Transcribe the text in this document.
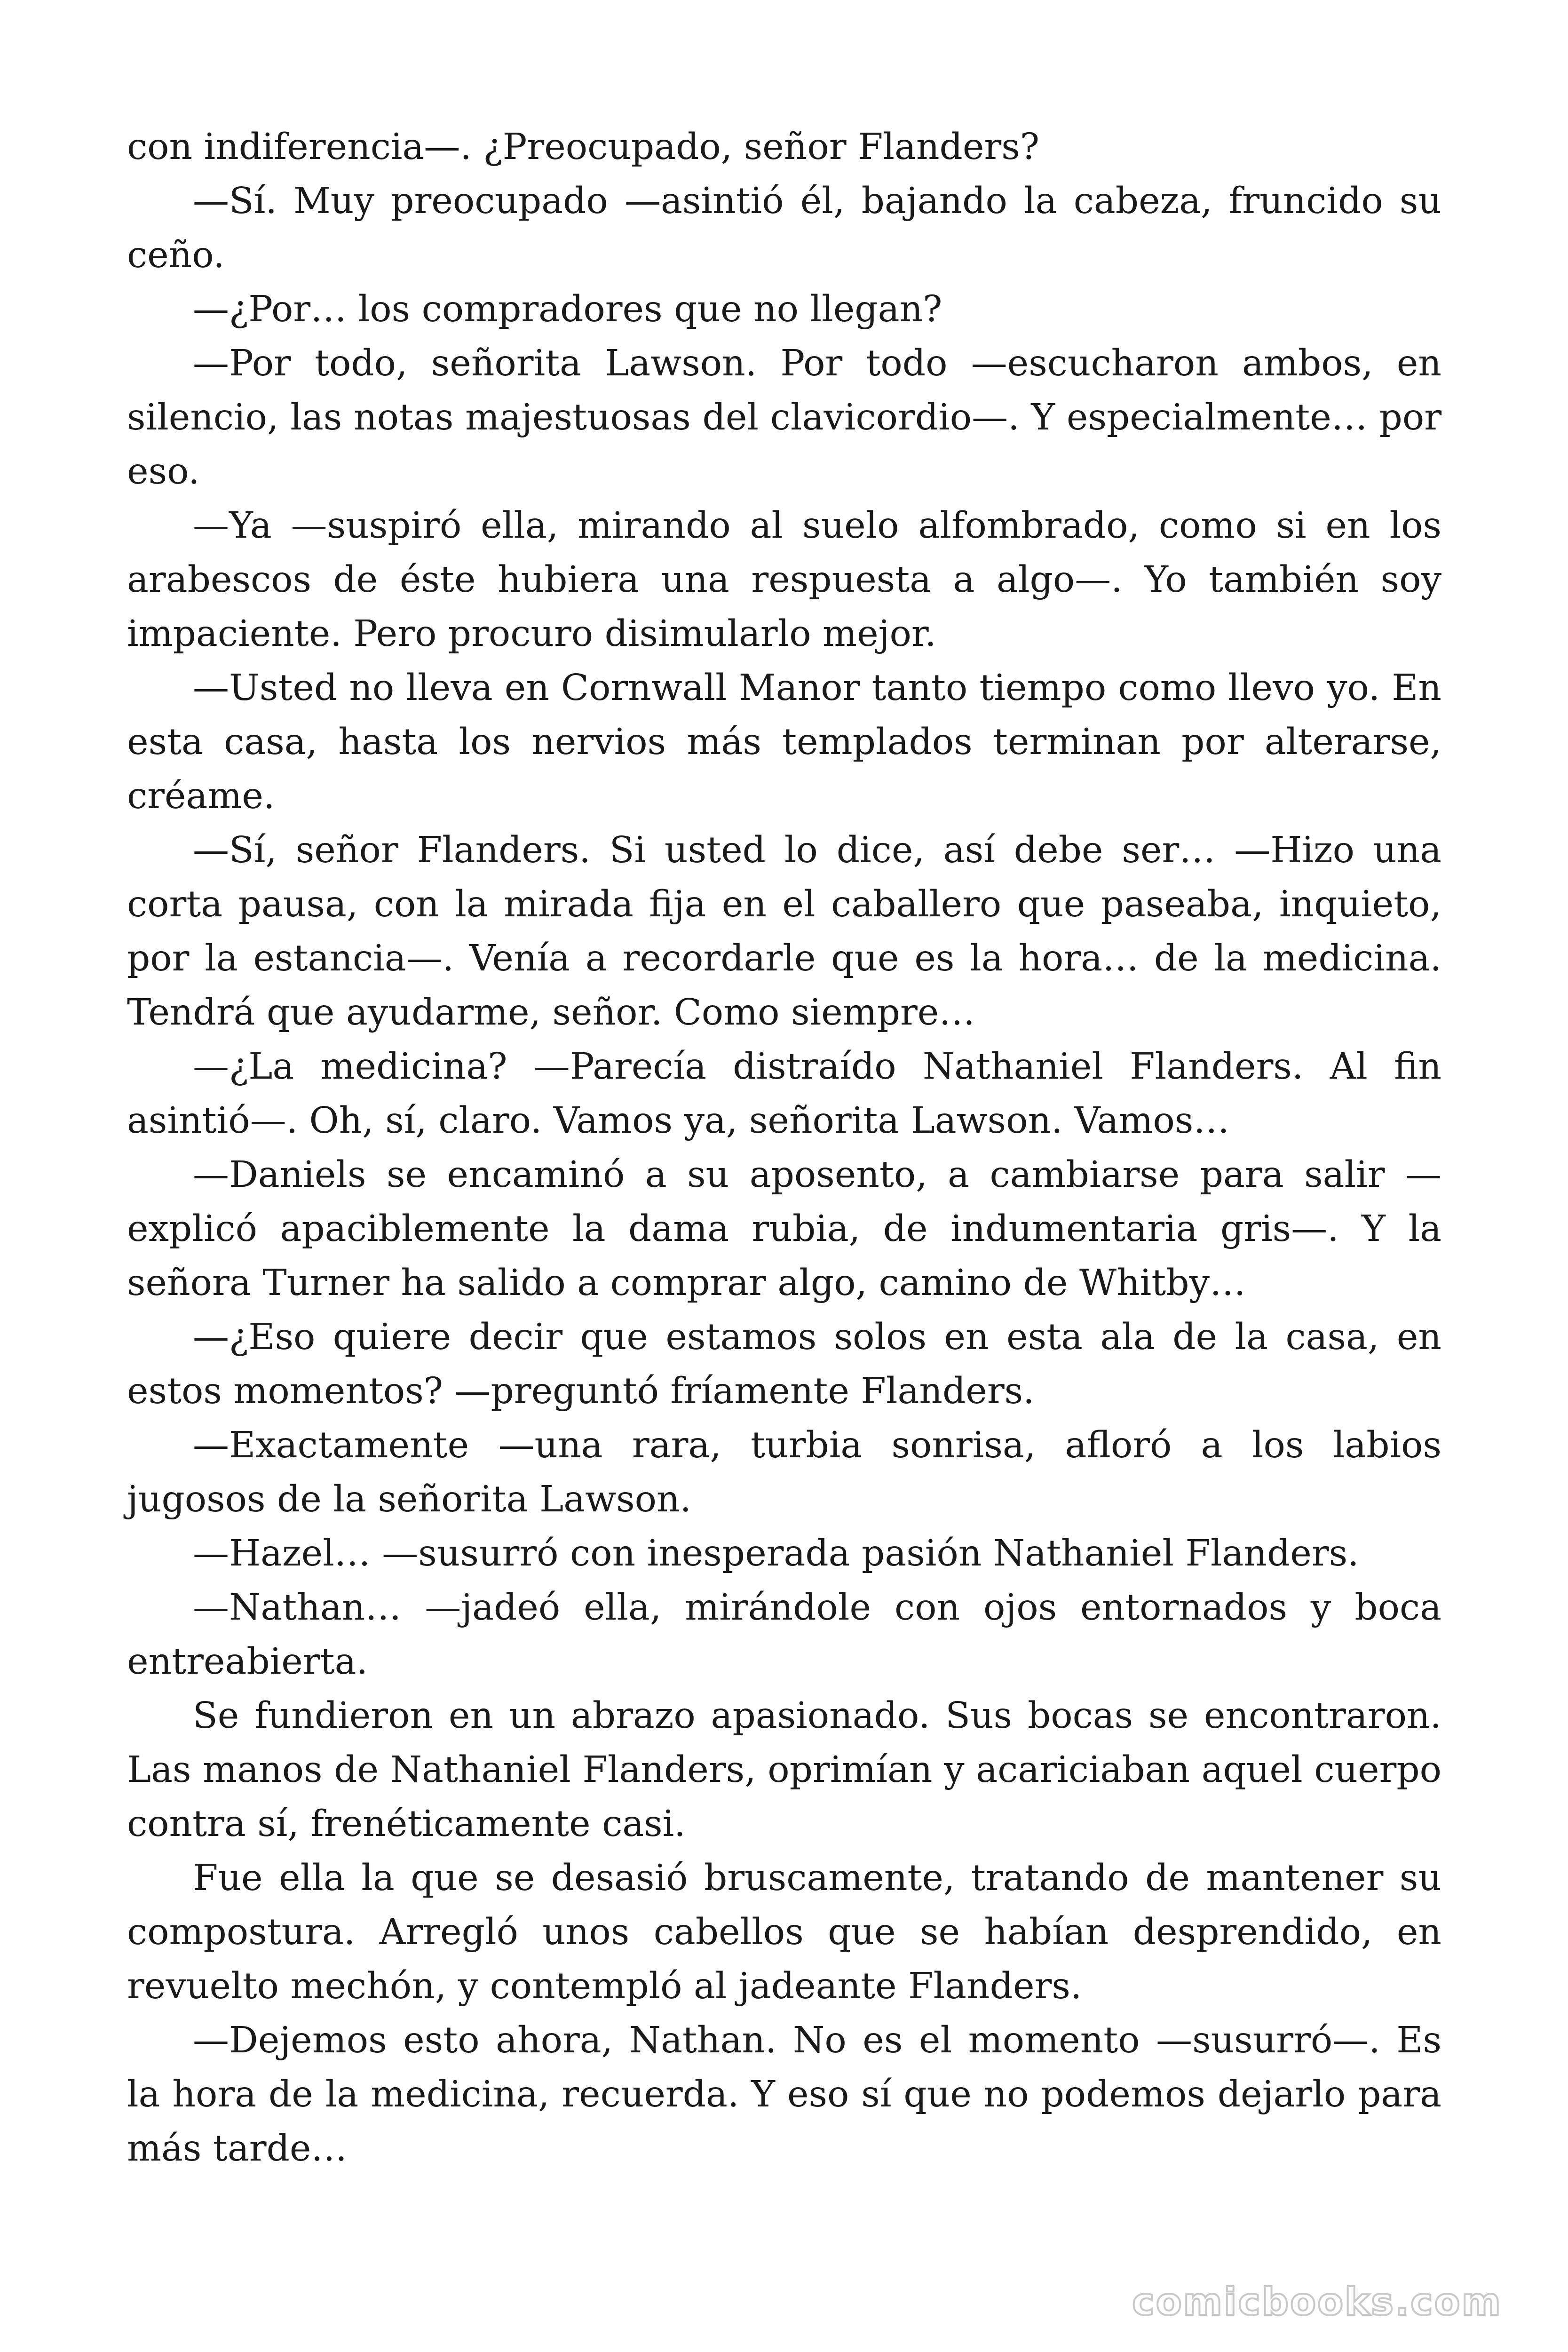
con indiferencia—. ¿Preocupado, señor Flanders?

—Sí. Muy preocupado —asintió él, bajando la cabeza, fruncido su ceño.

—¿Por… los compradores que no llegan?

—Por todo, señorita Lawson. Por todo —escucharon ambos, en silencio, las notas majestuosas del clavicordio—. Y especialmente… por eso.

—Ya —suspiró ella, mirando al suelo alfombrado, como si en los arabescos de éste hubiera una respuesta a algo—. Yo también soy impaciente. Pero procuro disimularlo mejor.

—Usted no lleva en Cornwall Manor tanto tiempo como llevo yo. En esta casa, hasta los nervios más templados terminan por alterarse, créame.

—Sí, señor Flanders. Si usted lo dice, así debe ser… —Hizo una corta pausa, con la mirada fija en el caballero que paseaba, inquieto, por la estancia—. Venía a recordarle que es la hora… de la medicina. Tendrá que ayudarme, señor. Como siempre…

—¿La medicina? —Parecía distraído Nathaniel Flanders. Al fin asintió—. Oh, sí, claro. Vamos ya, señorita Lawson. Vamos…

—Daniels se encaminó a su aposento, a cambiarse para salir —explicó apaciblemente la dama rubia, de indumentaria gris—. Y la señora Turner ha salido a comprar algo, camino de Whitby…

—¿Eso quiere decir que estamos solos en esta ala de la casa, en estos momentos? —preguntó fríamente Flanders.

—Exactamente —una rara, turbia sonrisa, afloró a los labios jugosos de la señorita Lawson.

—Hazel… —susurró con inesperada pasión Nathaniel Flanders.

—Nathan… —jadeó ella, mirándole con ojos entornados y boca entreabierta.

Se fundieron en un abrazo apasionado. Sus bocas se encontraron. Las manos de Nathaniel Flanders, oprimían y acariciaban aquel cuerpo contra sí, frenéticamente casi.

Fue ella la que se desasió bruscamente, tratando de mantener su compostura. Arregló unos cabellos que se habían desprendido, en revuelto mechón, y contempló al jadeante Flanders.

—Dejemos esto ahora, Nathan. No es el momento —susurró—. Es la hora de la medicina, recuerda. Y eso sí que no podemos dejarlo para más tarde…

comicbooks.com
